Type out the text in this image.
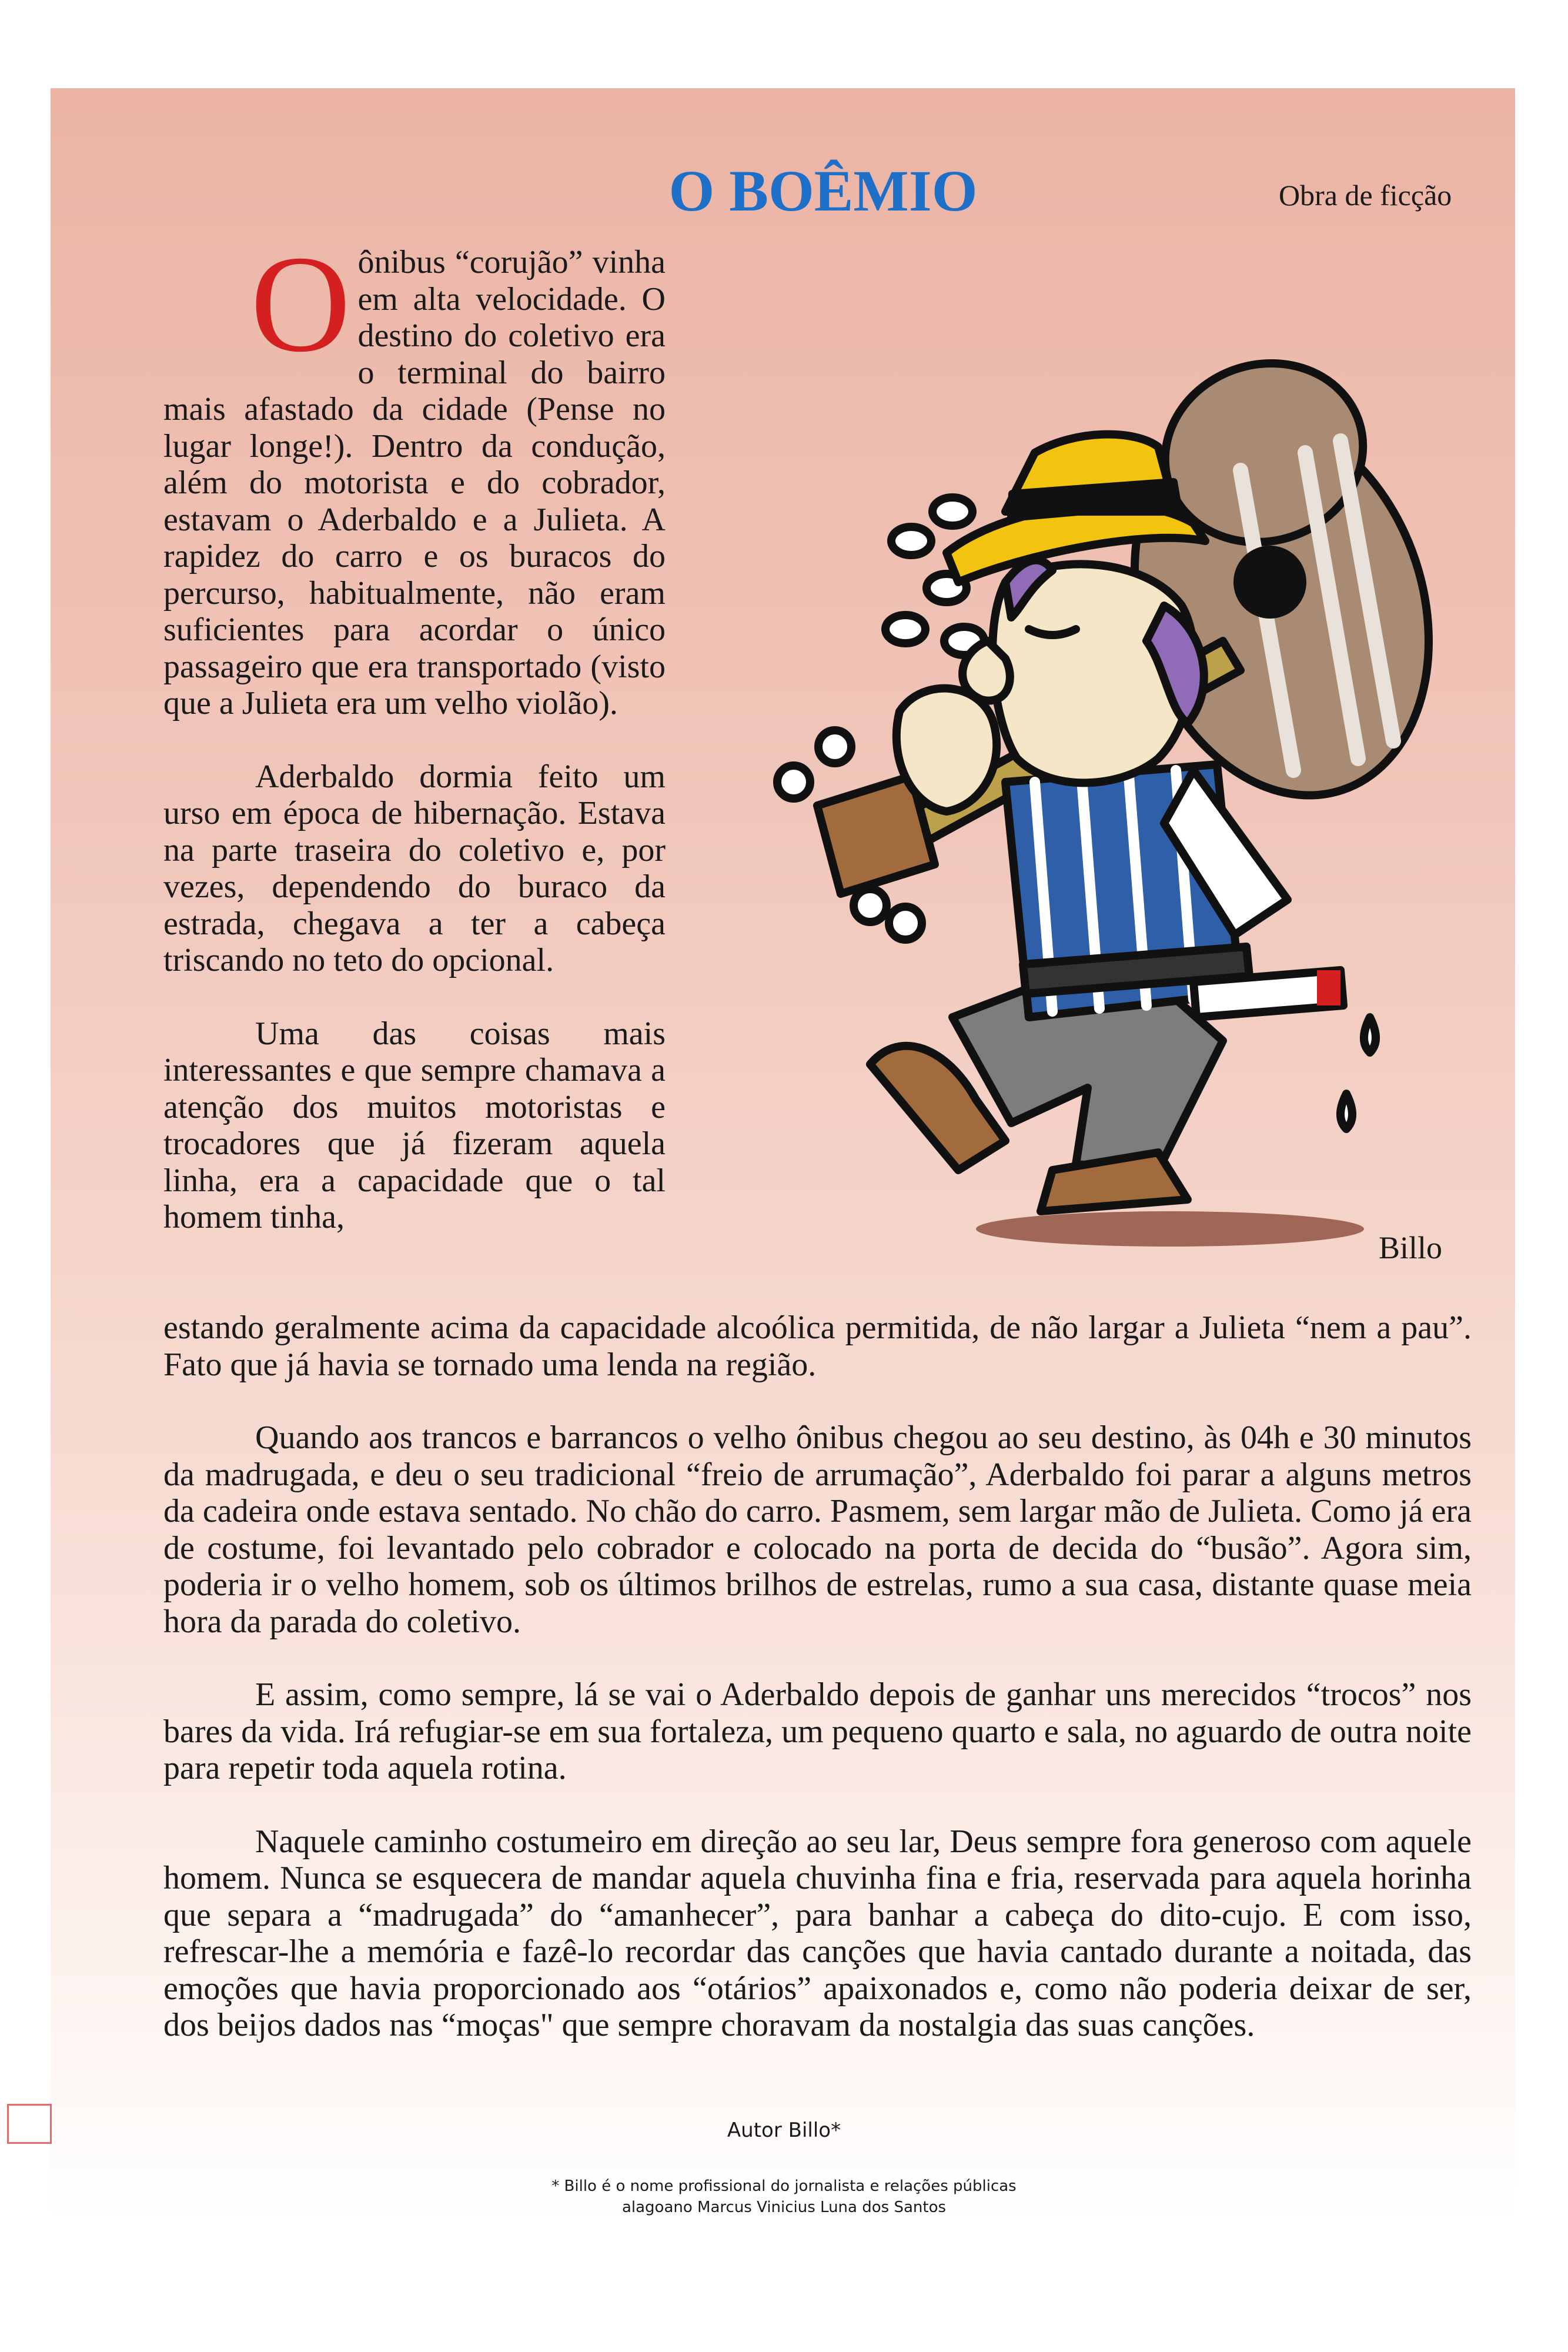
O BOÊMIO	Obra de ficção

Oônibus “corujão” vinha em alta velocidade. O destino do coletivo era o terminal do bairro mais afastado da cidade (Pense no lugar longe!). Dentro da condução, além do motorista e do cobrador, estavam o Aderbaldo e a Julieta. A rapidez do carro e os buracos do percurso, habitualmente, não eram suficientes para acordar o único passageiro que era transportado (visto que a Julieta era um velho violão).

Aderbaldo dormia feito um urso em época de hibernação. Estava na parte traseira do coletivo e, por vezes, dependendo do buraco da estrada, chegava a ter a cabeça triscando no teto do opcional.

Uma das coisas mais interessantes e que sempre chamava a atenção dos muitos motoristas e trocadores que já fizeram aquela linha, era a capacidade que o tal homem tinha,

estando geralmente acima da capacidade alcoólica permitida, de não largar a Julieta “nem a pau”. Fato que já havia se tornado uma lenda na região.

Quando aos trancos e barrancos o velho ônibus chegou ao seu destino, às 04h e 30 minutos da madrugada, e deu o seu tradicional “freio de arrumação”, Aderbaldo foi parar a alguns metros da cadeira onde estava sentado. No chão do carro. Pasmem, sem largar mão de Julieta. Como já era de costume, foi levantado pelo cobrador e colocado na porta de decida do “busão”. Agora sim, poderia ir o velho homem, sob os últimos brilhos de estrelas, rumo a sua casa, distante quase meia hora da parada do coletivo.

E assim, como sempre, lá se vai o Aderbaldo depois de ganhar uns merecidos “trocos” nos bares da vida. Irá refugiar-se em sua fortaleza, um pequeno quarto e sala, no aguardo de outra noite para repetir toda aquela rotina.

Naquele caminho costumeiro em direção ao seu lar, Deus sempre fora generoso com aquele homem. Nunca se esquecera de mandar aquela chuvinha fina e fria, reservada para aquela horinha que separa a “madrugada” do “amanhecer”, para banhar a cabeça do dito-cujo. E com isso, refrescar-lhe a memória e fazê-lo recordar das canções que havia cantado durante a noitada, das emoções que havia proporcionado aos “otários” apaixonados e, como não poderia deixar de ser, dos beijos dados nas “moças" que sempre choravam da nostalgia das suas canções.

Billo
Autor Billo*
* Billo é o nome profissional do jornalista e relações públicas
alagoano Marcus Vinicius Luna dos Santos
